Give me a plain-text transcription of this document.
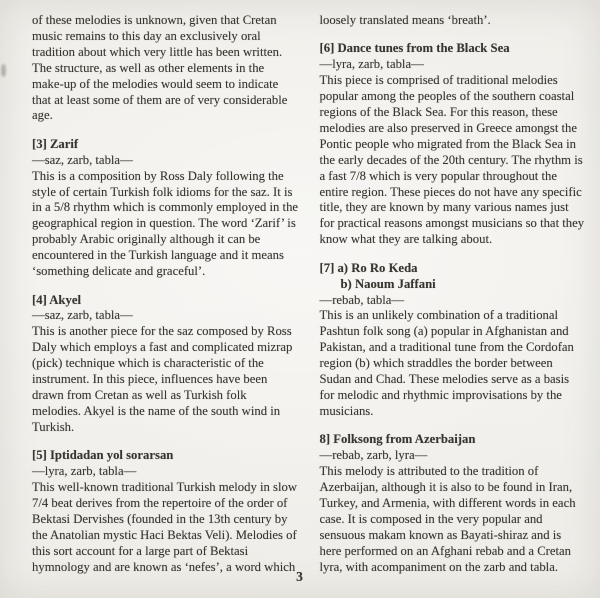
of these melodies is unknown, given that Cretan music remains to this day an exclusively oral tradition about which very little has been written. The structure, as well as other elements in the make-up of the melodies would seem to indicate that at least some of them are of very considerable age.

[3] Zarif
—saz, zarb, tabla—

This is a composition by Ross Daly following the style of certain Turkish folk idioms for the saz. It is in a 5/8 rhythm which is commonly employed in the geographical region in question. The word ‘Zarif’ is probably Arabic originally although it can be encountered in the Turkish language and it means ‘something delicate and graceful’.

[4] Akyel
—saz, zarb, tabla—

This is another piece for the saz composed by Ross Daly which employs a fast and complicated mizrap (pick) technique which is characteristic of the instrument. In this piece, influences have been drawn from Cretan as well as Turkish folk melodies. Akyel is the name of the south wind in Turkish.

[5] Iptidadan yol sorarsan
—lyra, zarb, tabla—

This well-known traditional Turkish melody in slow 7/4 beat derives from the repertoire of the order of Bektasi Dervishes (founded in the 13th century by the Anatolian mystic Haci Bektas Veli). Melodies of this sort account for a large part of Bektasi hymnology and are known as ‘nefes’, a word which

loosely translated means ‘breath’.

[6] Dance tunes from the Black Sea
—lyra, zarb, tabla—

This piece is comprised of traditional melodies popular among the peoples of the southern coastal regions of the Black Sea. For this reason, these melodies are also preserved in Greece amongst the Pontic people who migrated from the Black Sea in the early decades of the 20th century. The rhythm is a fast 7/8 which is very popular throughout the entire region. These pieces do not have any specific title, they are known by many various names just for practical reasons amongst musicians so that they know what they are talking about.

[7] a) Ro Ro Keda
b) Naoum Jaffani
—rebab, tabla—

This is an unlikely combination of a traditional Pashtun folk song (a) popular in Afghanistan and Pakistan, and a traditional tune from the Cordofan region (b) which straddles the border between Sudan and Chad. These melodies serve as a basis for melodic and rhythmic improvisations by the musicians.

8] Folksong from Azerbaijan
—rebab, zarb, lyra—

This melody is attributed to the tradition of Azerbaijan, although it is also to be found in Iran, Turkey, and Armenia, with different words in each case. It is composed in the very popular and sensuous makam known as Bayati-shiraz and is here performed on an Afghani rebab and a Cretan lyra, with acompaniment on the zarb and tabla.

3
